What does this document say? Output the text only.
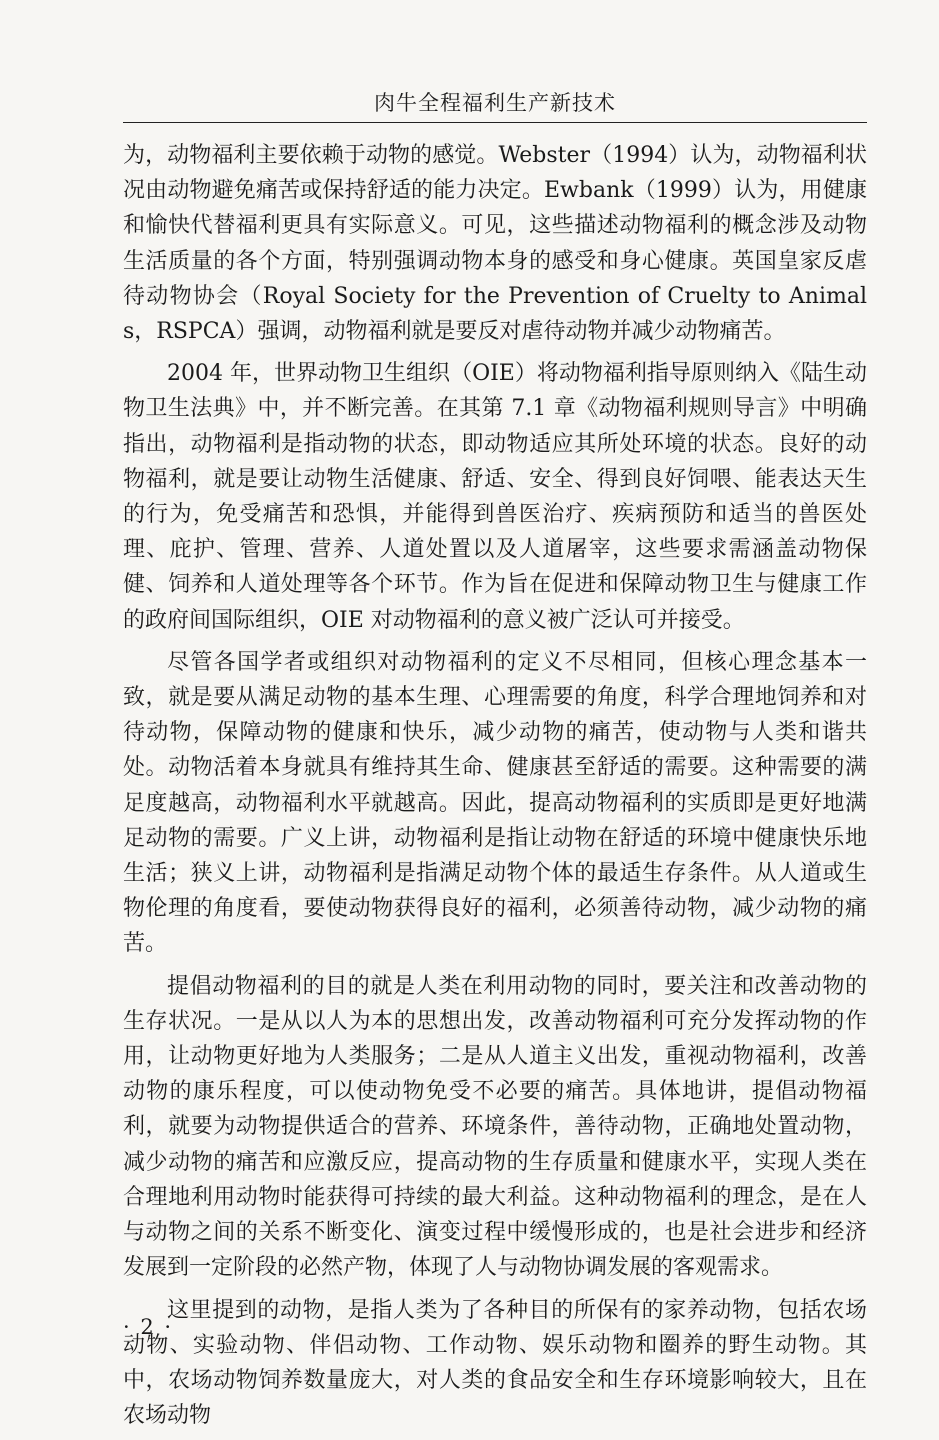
肉牛全程福利生产新技术

为，动物福利主要依赖于动物的感觉。Webster（1994）认为，动物福利状况由动物避免痛苦或保持舒适的能力决定。Ewbank（1999）认为，用健康和愉快代替福利更具有实际意义。可见，这些描述动物福利的概念涉及动物生活质量的各个方面，特别强调动物本身的感受和身心健康。英国皇家反虐待动物协会（Royal Society for the Prevention of Cruelty to Animals，RSPCA）强调，动物福利就是要反对虐待动物并减少动物痛苦。

2004 年，世界动物卫生组织（OIE）将动物福利指导原则纳入《陆生动物卫生法典》中，并不断完善。在其第 7.1 章《动物福利规则导言》中明确指出，动物福利是指动物的状态，即动物适应其所处环境的状态。良好的动物福利，就是要让动物生活健康、舒适、安全、得到良好饲喂、能表达天生的行为，免受痛苦和恐惧，并能得到兽医治疗、疾病预防和适当的兽医处理、庇护、管理、营养、人道处置以及人道屠宰，这些要求需涵盖动物保健、饲养和人道处理等各个环节。作为旨在促进和保障动物卫生与健康工作的政府间国际组织，OIE 对动物福利的意义被广泛认可并接受。

尽管各国学者或组织对动物福利的定义不尽相同，但核心理念基本一致，就是要从满足动物的基本生理、心理需要的角度，科学合理地饲养和对待动物，保障动物的健康和快乐，减少动物的痛苦，使动物与人类和谐共处。动物活着本身就具有维持其生命、健康甚至舒适的需要。这种需要的满足度越高，动物福利水平就越高。因此，提高动物福利的实质即是更好地满足动物的需要。广义上讲，动物福利是指让动物在舒适的环境中健康快乐地生活；狭义上讲，动物福利是指满足动物个体的最适生存条件。从人道或生物伦理的角度看，要使动物获得良好的福利，必须善待动物，减少动物的痛苦。

提倡动物福利的目的就是人类在利用动物的同时，要关注和改善动物的生存状况。一是从以人为本的思想出发，改善动物福利可充分发挥动物的作用，让动物更好地为人类服务；二是从人道主义出发，重视动物福利，改善动物的康乐程度，可以使动物免受不必要的痛苦。具体地讲，提倡动物福利，就要为动物提供适合的营养、环境条件，善待动物，正确地处置动物，减少动物的痛苦和应激反应，提高动物的生存质量和健康水平，实现人类在合理地利用动物时能获得可持续的最大利益。这种动物福利的理念，是在人与动物之间的关系不断变化、演变过程中缓慢形成的，也是社会进步和经济发展到一定阶段的必然产物，体现了人与动物协调发展的客观需求。

这里提到的动物，是指人类为了各种目的所保有的家养动物，包括农场动物、实验动物、伴侣动物、工作动物、娱乐动物和圈养的野生动物。其中，农场动物饲养数量庞大，对人类的食品安全和生存环境影响较大，且在农场动物

· 2 ·
